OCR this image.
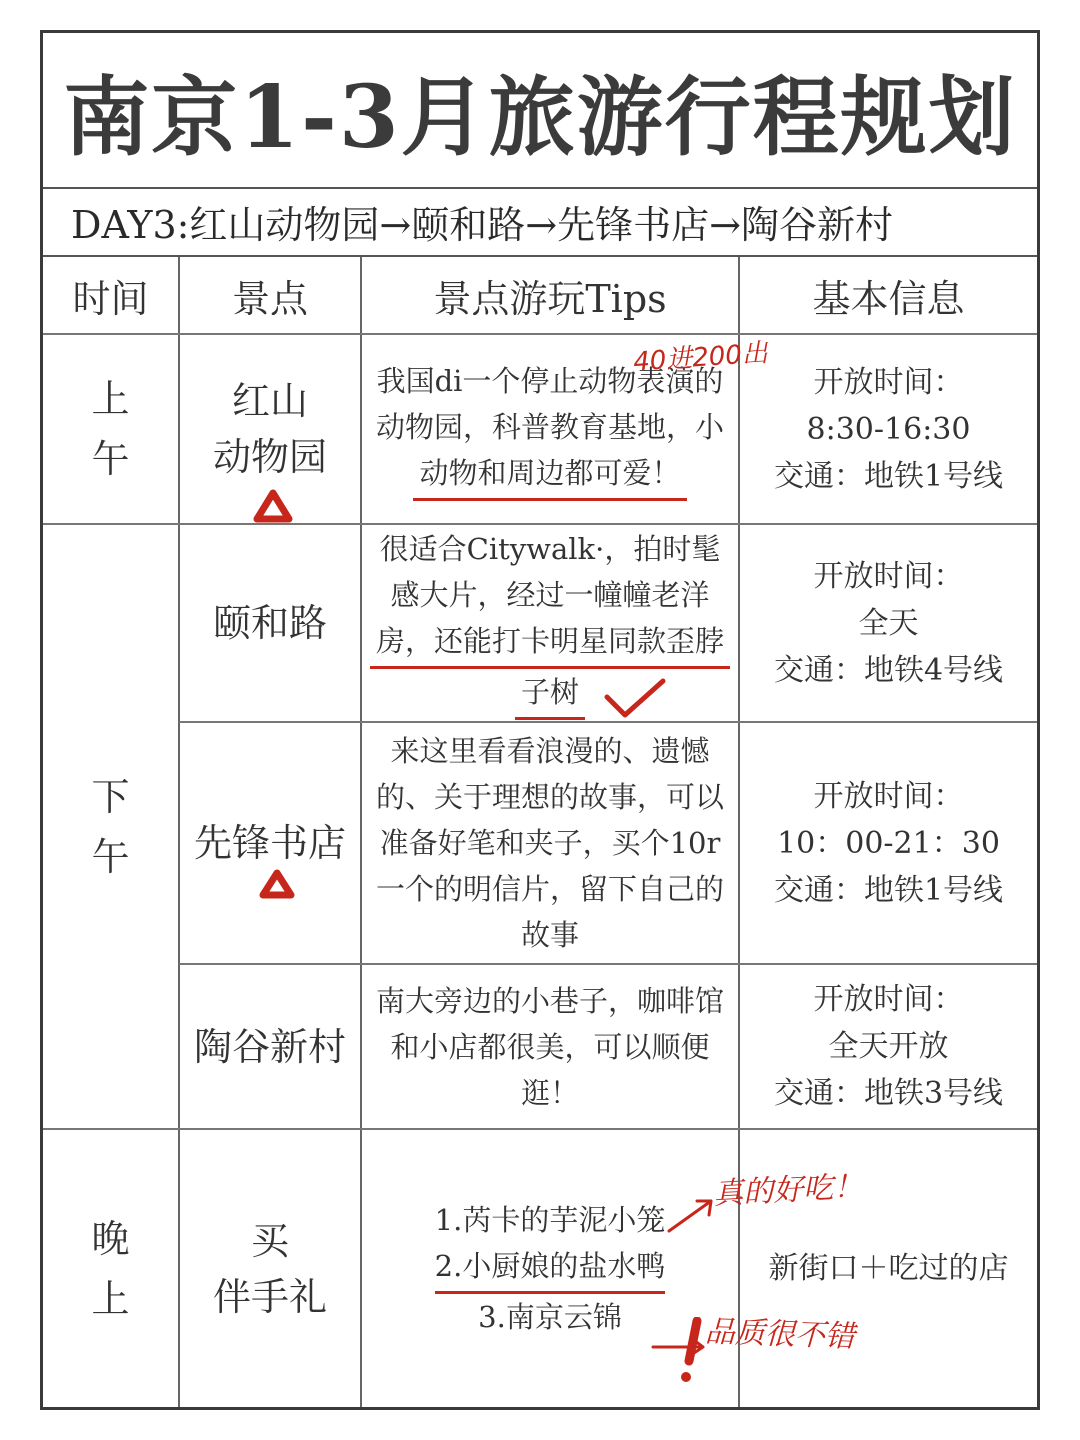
南京1-3月旅游行程规划
DAY3:红山动物园→颐和路→先锋书店→陶谷新村
时间 景点	景点游玩Tips	基本信息
上
午
下
午
晚
上
红山
动物园
我国di一个停止动物表演的
动物园，科普教育基地，小
动物和周边都可爱！
开放时间：
8:30-16:30
交通：地铁1号线
颐和路
很适合Citywalk·，拍时髦
感大片，经过一幢幢老洋
房，还能打卡明星同款歪脖
子树
开放时间：
全天
交通：地铁4号线
先锋书店
来这里看看浪漫的、遗憾
的、关于理想的故事，可以
准备好笔和夹子，买个10r
一个的明信片，留下自己的
故事
开放时间：
10：00-21：30
交通：地铁1号线
陶谷新村
南大旁边的小巷子，咖啡馆
和小店都很美，可以顺便
逛！
开放时间：
全天开放
交通：地铁3号线
买
伴手礼
1.芮卡的芋泥小笼
2.小厨娘的盐水鸭
3.南京云锦
新街口＋吃过的店
40进200出
真的好吃！
品质很不错
